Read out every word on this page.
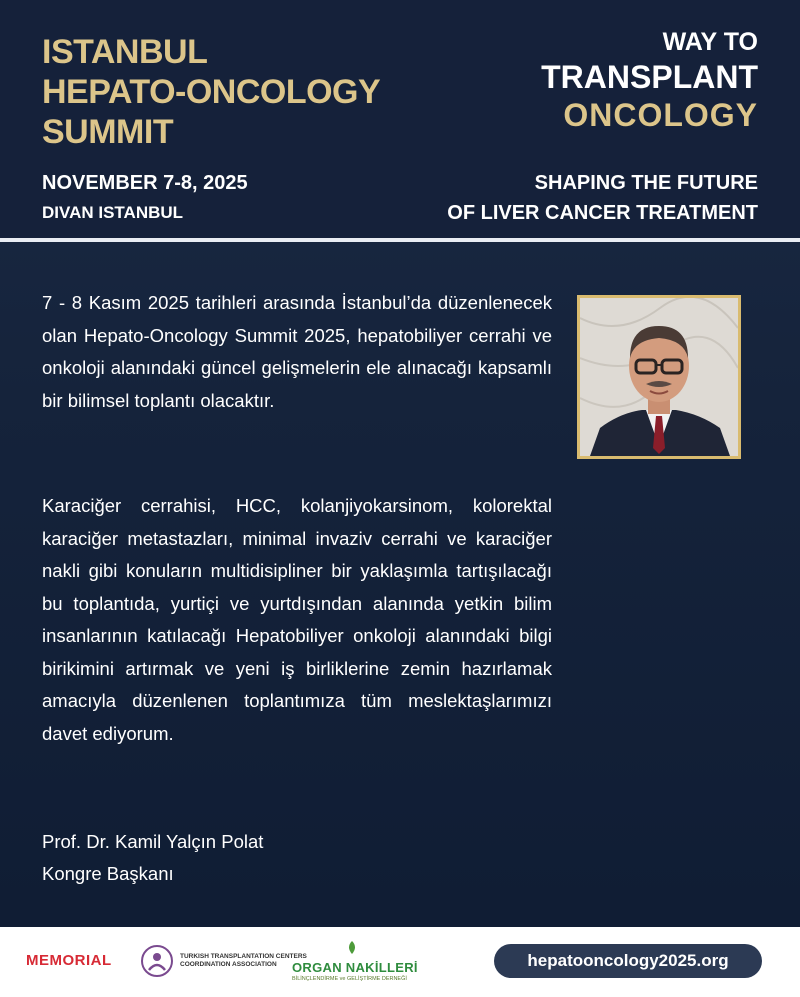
ISTANBUL
HEPATO-ONCOLOGY
SUMMIT
NOVEMBER 7-8, 2025
DIVAN ISTANBUL
WAY TO
TRANSPLANT
ONCOLOGY
SHAPING THE FUTURE
OF LIVER CANCER TREATMENT
7 - 8 Kasım 2025 tarihleri arasında İstanbul’da düzenlenecek olan Hepato-Oncology Summit 2025, hepatobiliyer cerrahi ve onkoloji alanındaki güncel gelişmelerin ele alınacağı kapsamlı bir bilimsel toplantı olacaktır.
Karaciğer cerrahisi, HCC, kolanjiyokarsinom, kolorektal karaciğer metastazları, minimal invaziv cerrahi ve karaciğer nakli gibi konuların multidisipliner bir yaklaşımla tartışılacağı bu toplantıda, yurtiçi ve yurtdışından alanında yetkin bilim insanlarının katılacağı Hepatobiliyer onkoloji alanındaki bilgi birikimini artırmak ve yeni iş birliklerine zemin hazırlamak amacıyla düzenlenen toplantımıza tüm meslektaşlarımızı davet ediyorum.
Prof. Dr. Kamil Yalçın Polat
Kongre Başkanı
MEMORIAL	TURKISH TRANSPLANTATION CENTERS
COORDINATION ASSOCIATION	ORGAN NAKİLLERİ
BİLİNÇLENDİRME ve GELİŞTİRME DERNEĞİ
hepatooncology2025.org
